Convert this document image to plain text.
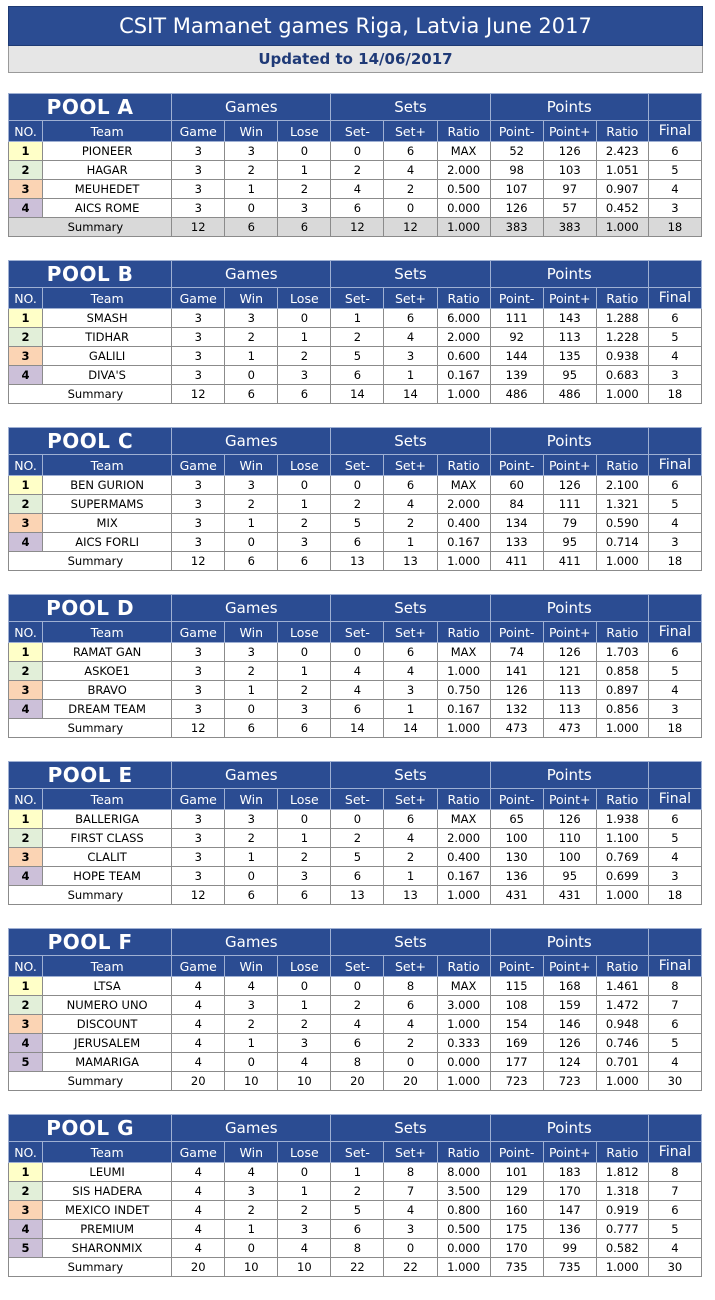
CSIT Mamanet games Riga, Latvia June 2017
Updated to 14/06/2017
POOL A		Games			Sets			Points			
NO.	Team	Game	Win	Lose	Set-	Set+	Ratio	Point-	Point+	Ratio	Final
1	PIONEER	3	3	0	0	6	MAX	52	126	2.423	6
2	HAGAR	3	2	1	2	4	2.000	98	103	1.051	5
3	MEUHEDET	3	1	2	4	2	0.500	107	97	0.907	4
4	AICS ROME	3	0	3	6	0	0.000	126	57	0.452	3
Summary		12	6	6	12	12	1.000	383	383	1.000	18
POOL B		Games			Sets			Points			
NO.	Team	Game	Win	Lose	Set-	Set+	Ratio	Point-	Point+	Ratio	Final
1	SMASH	3	3	0	1	6	6.000	111	143	1.288	6
2	TIDHAR	3	2	1	2	4	2.000	92	113	1.228	5
3	GALILI	3	1	2	5	3	0.600	144	135	0.938	4
4	DIVA'S	3	0	3	6	1	0.167	139	95	0.683	3
Summary		12	6	6	14	14	1.000	486	486	1.000	18
POOL C		Games			Sets			Points			
NO.	Team	Game	Win	Lose	Set-	Set+	Ratio	Point-	Point+	Ratio	Final
1	BEN GURION	3	3	0	0	6	MAX	60	126	2.100	6
2	SUPERMAMS	3	2	1	2	4	2.000	84	111	1.321	5
3	MIX	3	1	2	5	2	0.400	134	79	0.590	4
4	AICS FORLI	3	0	3	6	1	0.167	133	95	0.714	3
Summary		12	6	6	13	13	1.000	411	411	1.000	18
POOL D		Games			Sets			Points			
NO.	Team	Game	Win	Lose	Set-	Set+	Ratio	Point-	Point+	Ratio	Final
1	RAMAT GAN	3	3	0	0	6	MAX	74	126	1.703	6
2	ASKOE1	3	2	1	4	4	1.000	141	121	0.858	5
3	BRAVO	3	1	2	4	3	0.750	126	113	0.897	4
4	DREAM TEAM	3	0	3	6	1	0.167	132	113	0.856	3
Summary		12	6	6	14	14	1.000	473	473	1.000	18
POOL E		Games			Sets			Points			
NO.	Team	Game	Win	Lose	Set-	Set+	Ratio	Point-	Point+	Ratio	Final
1	BALLERIGA	3	3	0	0	6	MAX	65	126	1.938	6
2	FIRST CLASS	3	2	1	2	4	2.000	100	110	1.100	5
3	CLALIT	3	1	2	5	2	0.400	130	100	0.769	4
4	HOPE TEAM	3	0	3	6	1	0.167	136	95	0.699	3
Summary		12	6	6	13	13	1.000	431	431	1.000	18
POOL F		Games			Sets			Points			
NO.	Team	Game	Win	Lose	Set-	Set+	Ratio	Point-	Point+	Ratio	Final
1	LTSA	4	4	0	0	8	MAX	115	168	1.461	8
2	NUMERO UNO	4	3	1	2	6	3.000	108	159	1.472	7
3	DISCOUNT	4	2	2	4	4	1.000	154	146	0.948	6
4	JERUSALEM	4	1	3	6	2	0.333	169	126	0.746	5
5	MAMARIGA	4	0	4	8	0	0.000	177	124	0.701	4
Summary		20	10	10	20	20	1.000	723	723	1.000	30
POOL G		Games			Sets			Points			
NO.	Team	Game	Win	Lose	Set-	Set+	Ratio	Point-	Point+	Ratio	Final
1	LEUMI	4	4	0	1	8	8.000	101	183	1.812	8
2	SIS HADERA	4	3	1	2	7	3.500	129	170	1.318	7
3	MEXICO INDET	4	2	2	5	4	0.800	160	147	0.919	6
4	PREMIUM	4	1	3	6	3	0.500	175	136	0.777	5
5	SHARONMIX	4	0	4	8	0	0.000	170	99	0.582	4
Summary		20	10	10	22	22	1.000	735	735	1.000	30
